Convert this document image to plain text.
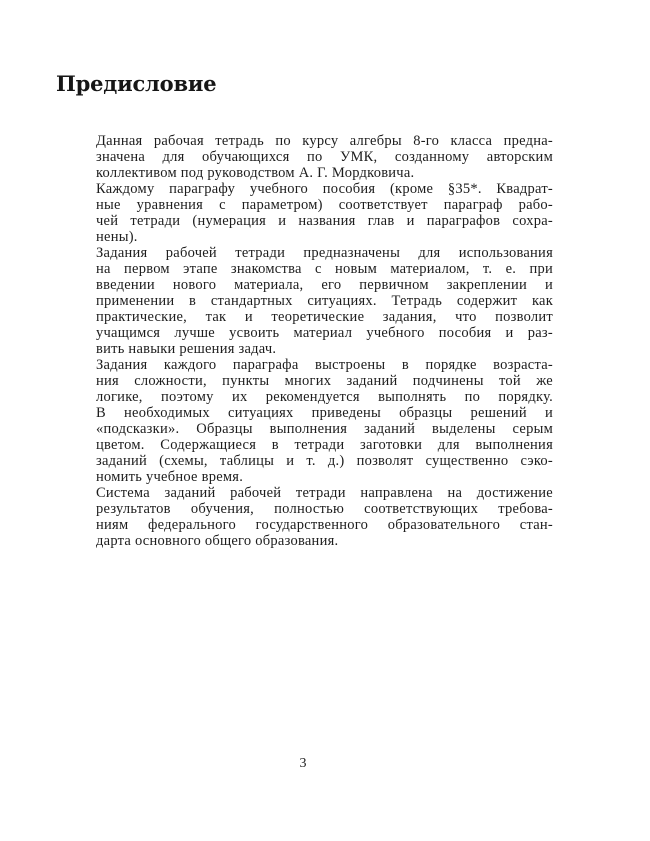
Предисловие
Данная рабочая тетрадь по курсу алгебры 8-го класса предна-
значена для обучающихся по УМК, созданному авторским
коллективом под руководством А. Г. Мордковича.
Каждому параграфу учебного пособия (кроме §35*. Квадрат-
ные уравнения с параметром) соответствует параграф рабо-
чей тетради (нумерация и названия глав и параграфов сохра-
нены).
Задания рабочей тетради предназначены для использования
на первом этапе знакомства с новым материалом, т. е. при
введении нового материала, его первичном закреплении и
применении в стандартных ситуациях. Тетрадь содержит как
практические, так и теоретические задания, что позволит
учащимся лучше усвоить материал учебного пособия и раз-
вить навыки решения задач.
Задания каждого параграфа выстроены в порядке возраста-
ния сложности, пункты многих заданий подчинены той же
логике, поэтому их рекомендуется выполнять по порядку.
В необходимых ситуациях приведены образцы решений и
«подсказки». Образцы выполнения заданий выделены серым
цветом. Содержащиеся в тетради заготовки для выполнения
заданий (схемы, таблицы и т. д.) позволят существенно сэко-
номить учебное время.
Система заданий рабочей тетради направлена на достижение
результатов обучения, полностью соответствующих требова-
ниям федерального государственного образовательного стан-
дарта основного общего образования.
3
